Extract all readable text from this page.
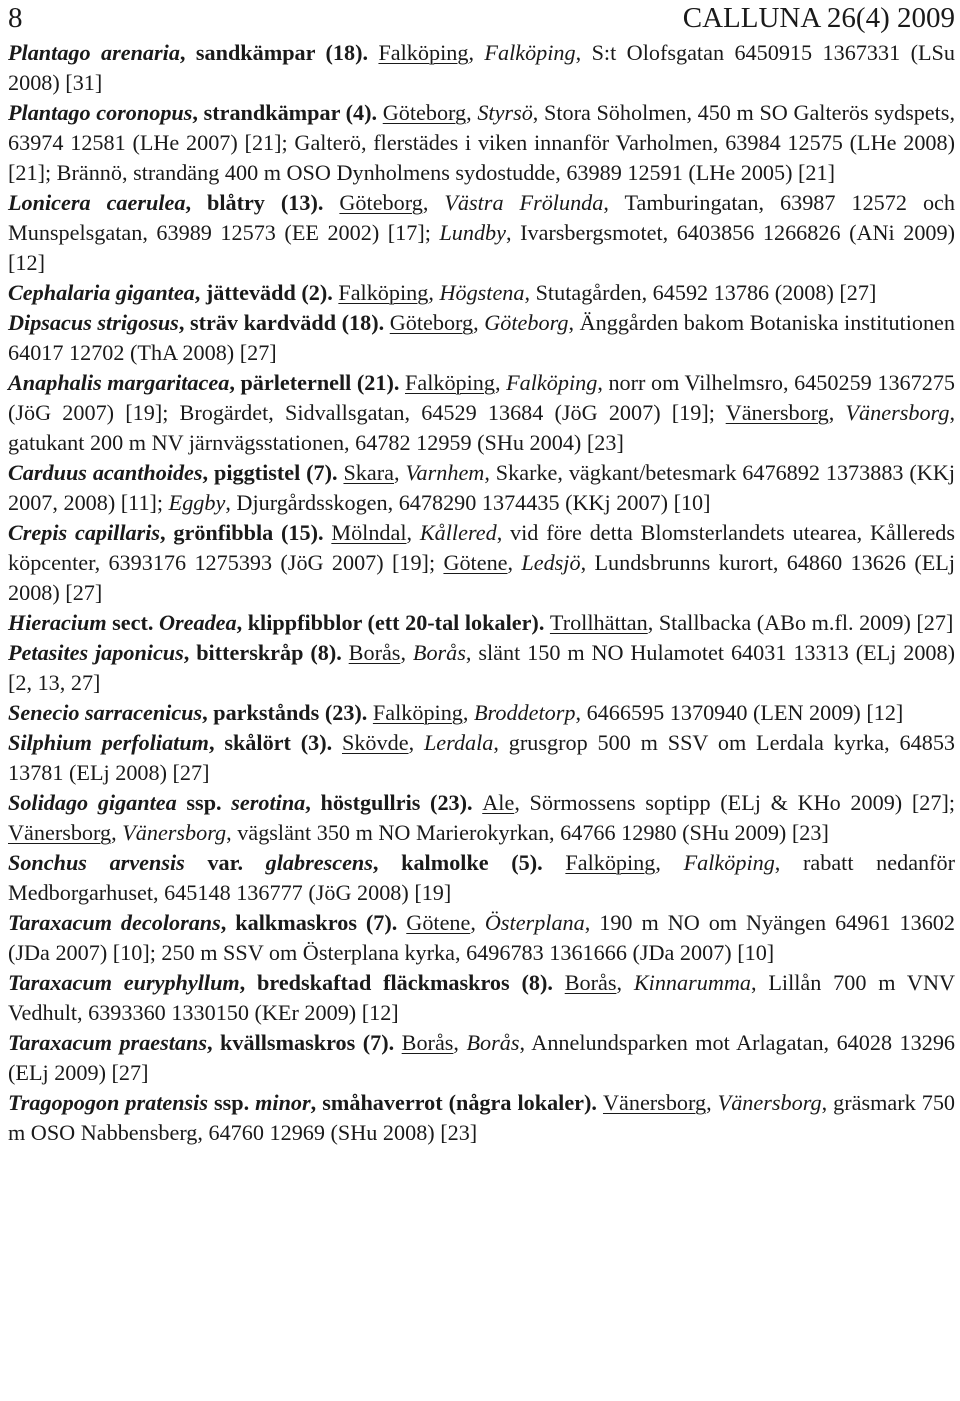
8	CALLUNA 26(4) 2009

Plantago arenaria, sandkämpar (18). Falköping, Falköping, S:t Olofsgatan 6450915 1367331 (LSu 2008) [31]

Plantago coronopus, strandkämpar (4). Göteborg, Styrsö, Stora Söholmen, 450 m SO Galterös sydspets, 63974 12581 (LHe 2007) [21]; Galterö, flerstädes i viken innanför Varholmen, 63984 12575 (LHe 2008) [21]; Brännö, strandäng 400 m OSO Dynholmens sydostudde, 63989 12591 (LHe 2005) [21]

Lonicera caerulea, blåtry (13). Göteborg, Västra Frölunda, Tamburingatan, 63987 12572 och Munspelsgatan, 63989 12573 (EE 2002) [17]; Lundby, Ivarsbergsmotet, 6403856 1266826 (ANi 2009) [12]

Cephalaria gigantea, jättevädd (2). Falköping, Högstena, Stutagården, 64592 13786 (2008) [27]

Dipsacus strigosus, sträv kardvädd (18). Göteborg, Göteborg, Änggården bakom Botaniska institutionen 64017 12702 (ThA 2008) [27]

Anaphalis margaritacea, pärleternell (21). Falköping, Falköping, norr om Vilhelmsro, 6450259 1367275 (JöG 2007) [19]; Brogärdet, Sidvallsgatan, 64529 13684 (JöG 2007) [19]; Vänersborg, Vänersborg, gatukant 200 m NV järnvägsstationen, 64782 12959 (SHu 2004) [23]

Carduus acanthoides, piggtistel (7). Skara, Varnhem, Skarke, vägkant/betesmark 6476892 1373883 (KKj 2007, 2008) [11]; Eggby, Djurgårdsskogen, 6478290 1374435 (KKj 2007) [10]

Crepis capillaris, grönfibbla (15). Mölndal, Kållered, vid före detta Blomsterlandets utearea, Kållereds köpcenter, 6393176 1275393 (JöG 2007) [19]; Götene, Ledsjö, Lundsbrunns kurort, 64860 13626 (ELj 2008) [27]

Hieracium sect. Oreadea, klippfibblor (ett 20-tal lokaler). Trollhättan, Stallbacka (ABo m.fl. 2009) [27]

Petasites japonicus, bitterskråp (8). Borås, Borås, slänt 150 m NO Hulamotet 64031 13313 (ELj 2008) [2, 13, 27]

Senecio sarracenicus, parkstånds (23). Falköping, Broddetorp, 6466595 1370940 (LEN 2009) [12]

Silphium perfoliatum, skålört (3). Skövde, Lerdala, grusgrop 500 m SSV om Lerdala kyrka, 64853 13781 (ELj 2008) [27]

Solidago gigantea ssp. serotina, höstgullris (23). Ale, Sörmossens soptipp (ELj & KHo 2009) [27]; Vänersborg, Vänersborg, vägslänt 350 m NO Marierokyrkan, 64766 12980 (SHu 2009) [23]

Sonchus arvensis var. glabrescens, kalmolke (5). Falköping, Falköping, rabatt nedanför Medborgarhuset, 645148 136777 (JöG 2008) [19]

Taraxacum decolorans, kalkmaskros (7). Götene, Österplana, 190 m NO om Nyängen 64961 13602 (JDa 2007) [10]; 250 m SSV om Österplana kyrka, 6496783 1361666 (JDa 2007) [10]

Taraxacum euryphyllum, bredskaftad fläckmaskros (8). Borås, Kinnarumma, Lillån 700 m VNV Vedhult, 6393360 1330150 (KEr 2009) [12]

Taraxacum praestans, kvällsmaskros (7). Borås, Borås, Annelundsparken mot Arlagatan, 64028 13296 (ELj 2009) [27]

Tragopogon pratensis ssp. minor, småhaverrot (några lokaler). Vänersborg, Vänersborg, gräsmark 750 m OSO Nabbensberg, 64760 12969 (SHu 2008) [23]
